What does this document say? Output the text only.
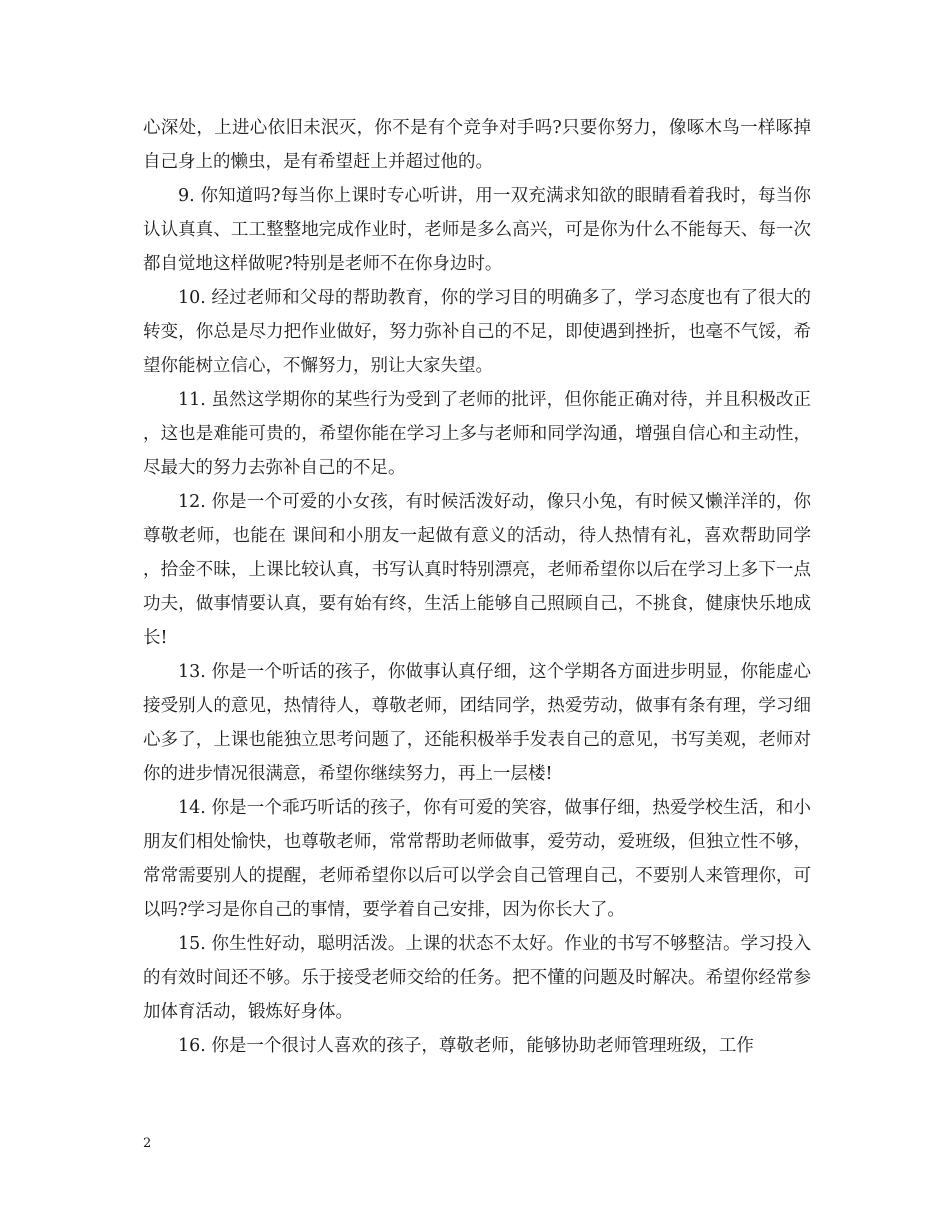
心深处，上进心依旧未泯灭，你不是有个竞争对手吗?只要你努力，像啄木鸟一样啄掉自己身上的懒虫，是有希望赶上并超过他的。

9. 你知道吗?每当你上课时专心听讲，用一双充满求知欲的眼睛看着我时，每当你认认真真、工工整整地完成作业时，老师是多么高兴，可是你为什么不能每天、每一次都自觉地这样做呢?特别是老师不在你身边时。

10. 经过老师和父母的帮助教育，你的学习目的明确多了，学习态度也有了很大的转变，你总是尽力把作业做好，努力弥补自己的不足，即使遇到挫折，也毫不气馁，希望你能树立信心，不懈努力，别让大家失望。

11. 虽然这学期你的某些行为受到了老师的批评，但你能正确对待，并且积极改正，这也是难能可贵的，希望你能在学习上多与老师和同学沟通，增强自信心和主动性，尽最大的努力去弥补自己的不足。

12. 你是一个可爱的小女孩，有时候活泼好动，像只小兔，有时候又懒洋洋的，你尊敬老师，也能在 课间和小朋友一起做有意义的活动，待人热情有礼，喜欢帮助同学，拾金不昧，上课比较认真，书写认真时特别漂亮，老师希望你以后在学习上多下一点功夫，做事情要认真，要有始有终，生活上能够自己照顾自己，不挑食，健康快乐地成长!

13. 你是一个听话的孩子，你做事认真仔细，这个学期各方面进步明显，你能虚心接受别人的意见，热情待人，尊敬老师，团结同学，热爱劳动，做事有条有理，学习细心多了，上课也能独立思考问题了，还能积极举手发表自己的意见，书写美观，老师对你的进步情况很满意，希望你继续努力，再上一层楼!

14. 你是一个乖巧听话的孩子，你有可爱的笑容，做事仔细，热爱学校生活，和小朋友们相处愉快，也尊敬老师，常常帮助老师做事，爱劳动，爱班级，但独立性不够，常常需要别人的提醒，老师希望你以后可以学会自己管理自己，不要别人来管理你，可以吗?学习是你自己的事情，要学着自己安排，因为你长大了。

15. 你生性好动，聪明活泼。上课的状态不太好。作业的书写不够整洁。学习投入的有效时间还不够。乐于接受老师交给的任务。把不懂的问题及时解决。希望你经常参加体育活动，锻炼好身体。

16. 你是一个很讨人喜欢的孩子，尊敬老师，能够协助老师管理班级，工作

2
